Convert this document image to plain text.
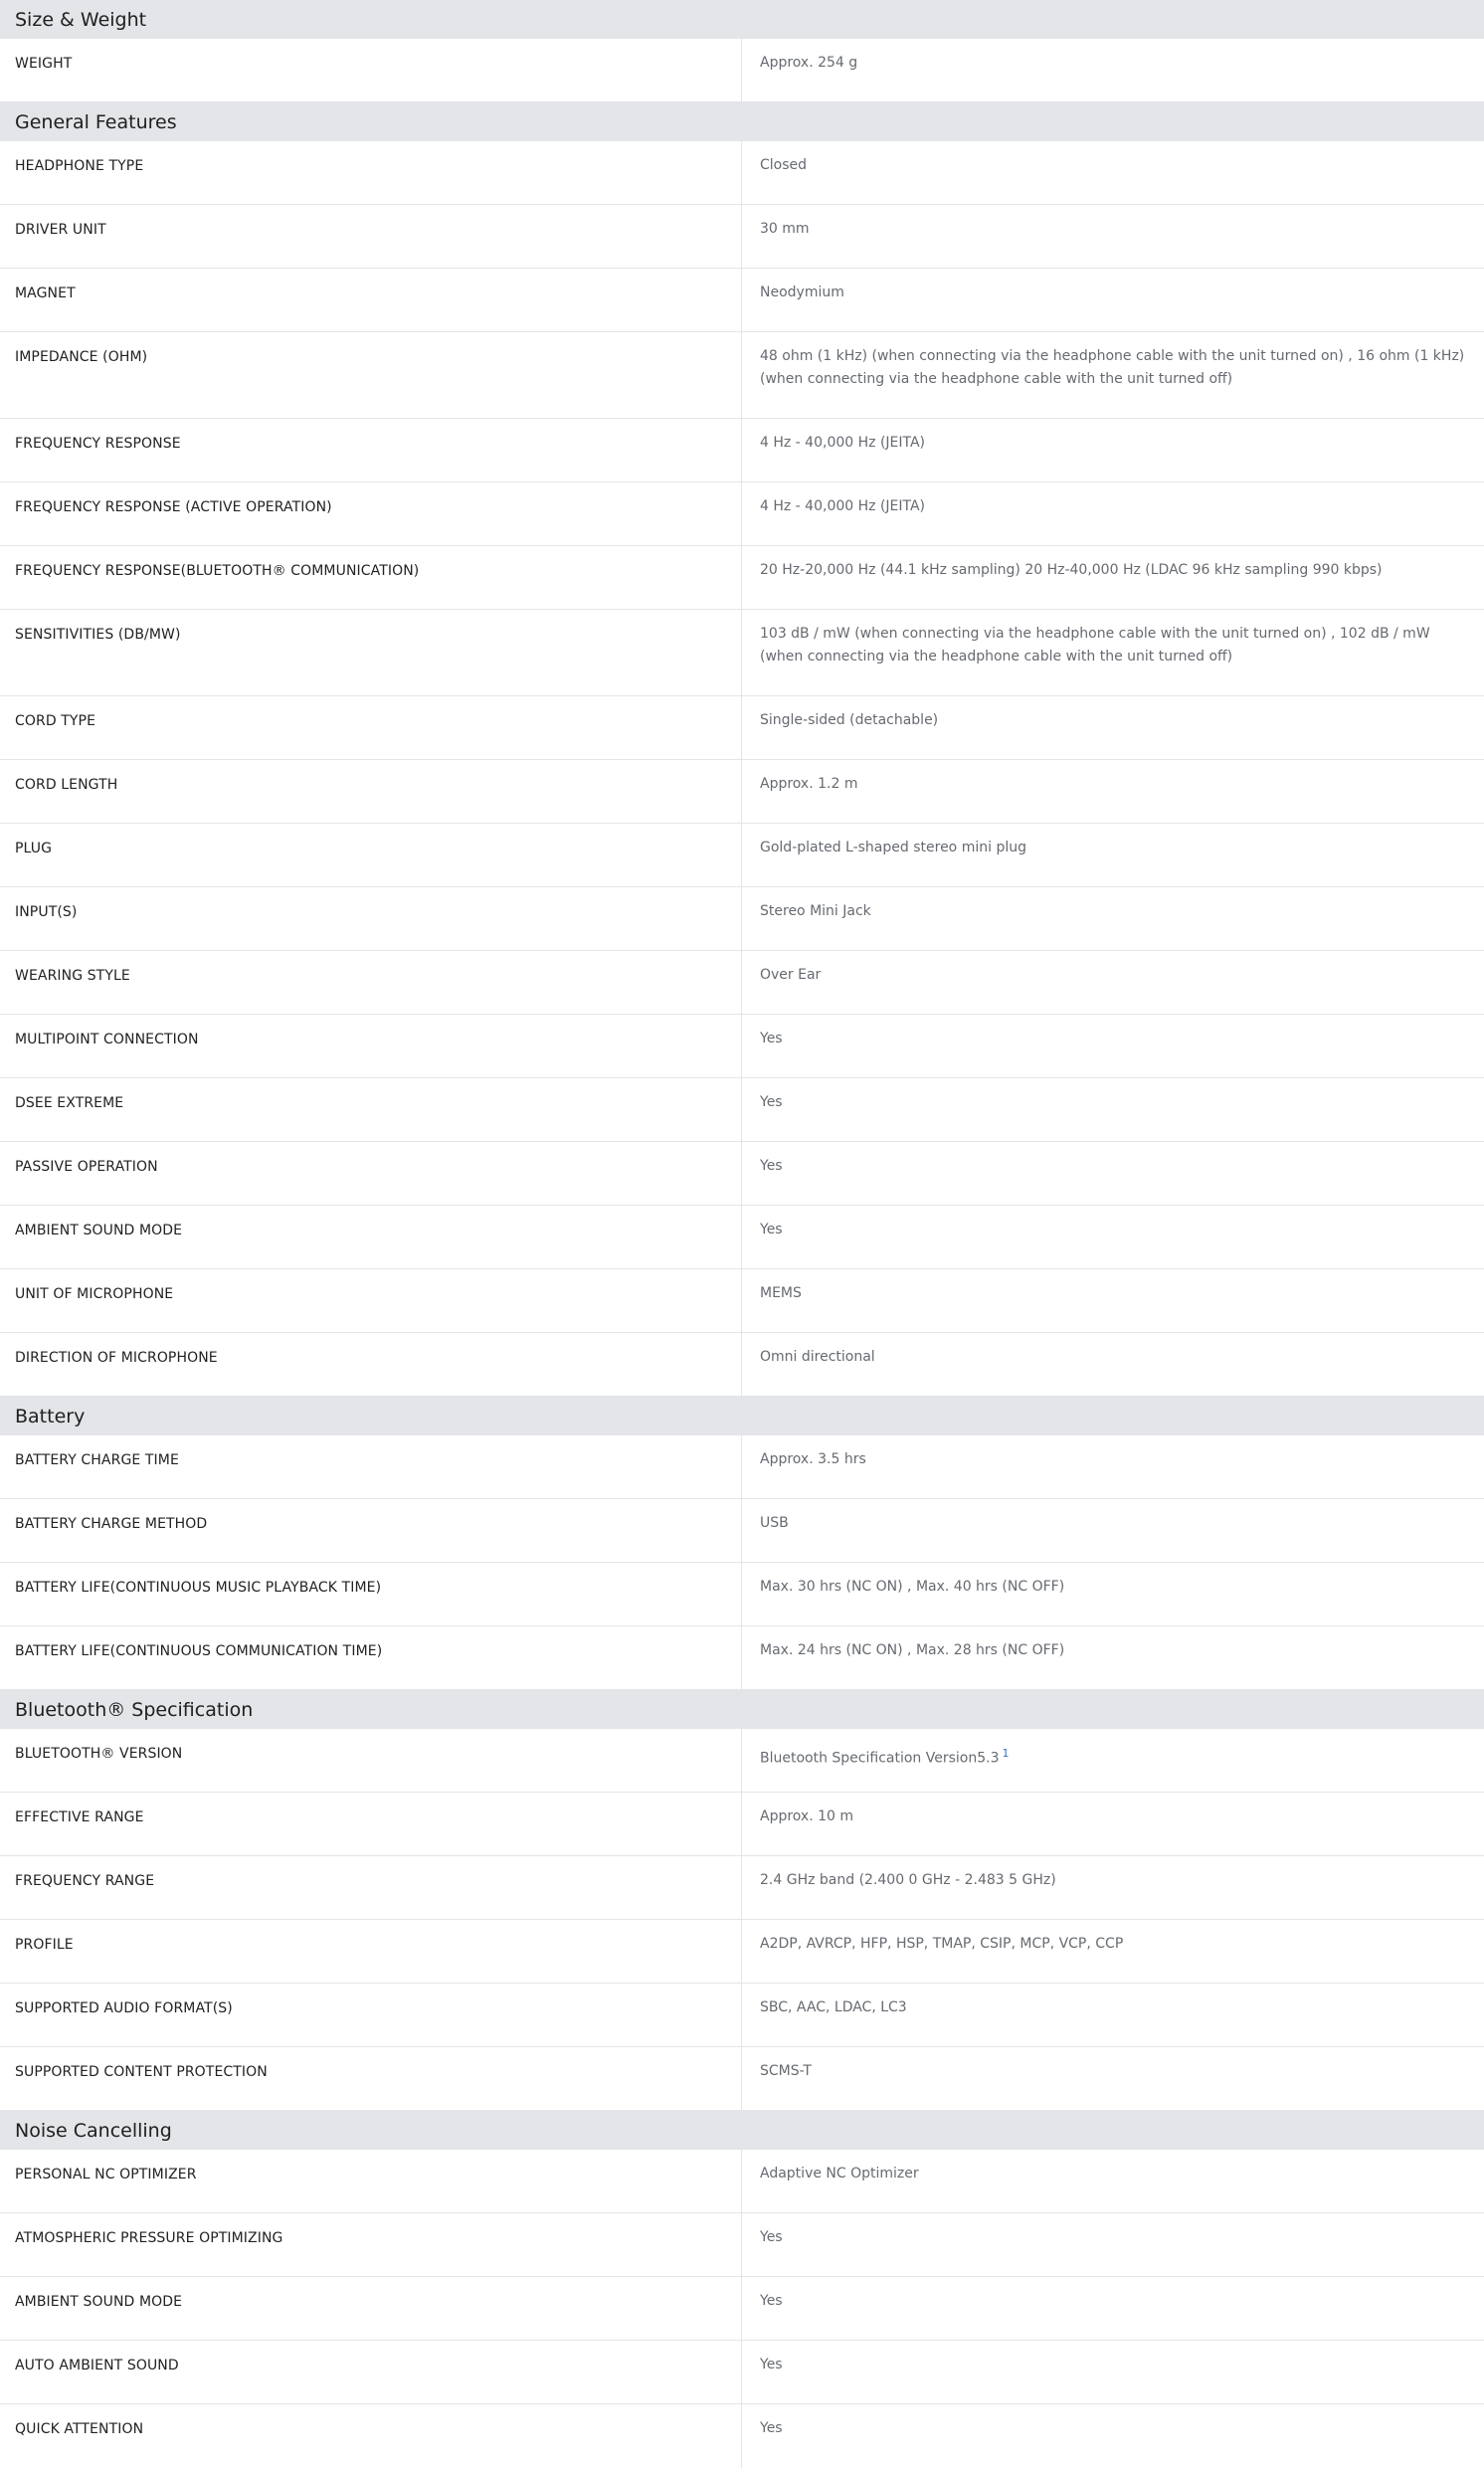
Size & Weight
WEIGHT	Approx. 254 g
General Features
HEADPHONE TYPE	Closed
DRIVER UNIT	30 mm
MAGNET	Neodymium
IMPEDANCE (OHM)	48 ohm (1 kHz) (when connecting via the headphone cable with the unit turned on) , 16 ohm (1 kHz) (when connecting via the headphone cable with the unit turned off)
FREQUENCY RESPONSE	4 Hz - 40,000 Hz (JEITA)
FREQUENCY RESPONSE (ACTIVE OPERATION)	4 Hz - 40,000 Hz (JEITA)
FREQUENCY RESPONSE(BLUETOOTH® COMMUNICATION)	20 Hz-20,000 Hz (44.1 kHz sampling) 20 Hz-40,000 Hz (LDAC 96 kHz sampling 990 kbps)
SENSITIVITIES (DB/MW)	103 dB / mW (when connecting via the headphone cable with the unit turned on) , 102 dB / mW (when connecting via the headphone cable with the unit turned off)
CORD TYPE	Single-sided (detachable)
CORD LENGTH	Approx. 1.2 m
PLUG	Gold-plated L-shaped stereo mini plug
INPUT(S)	Stereo Mini Jack
WEARING STYLE	Over Ear
MULTIPOINT CONNECTION	Yes
DSEE EXTREME	Yes
PASSIVE OPERATION	Yes
AMBIENT SOUND MODE	Yes
UNIT OF MICROPHONE	MEMS
DIRECTION OF MICROPHONE	Omni directional
Battery
BATTERY CHARGE TIME	Approx. 3.5 hrs
BATTERY CHARGE METHOD	USB
BATTERY LIFE(CONTINUOUS MUSIC PLAYBACK TIME)	Max. 30 hrs (NC ON) , Max. 40 hrs (NC OFF)
BATTERY LIFE(CONTINUOUS COMMUNICATION TIME)	Max. 24 hrs (NC ON) , Max. 28 hrs (NC OFF)
Bluetooth® Specification
BLUETOOTH® VERSION	Bluetooth Specification Version5.3 $^1$
EFFECTIVE RANGE	Approx. 10 m
FREQUENCY RANGE	2.4 GHz band (2.400 0 GHz - 2.483 5 GHz)
PROFILE	A2DP, AVRCP, HFP, HSP, TMAP, CSIP, MCP, VCP, CCP
SUPPORTED AUDIO FORMAT(S)	SBC, AAC, LDAC, LC3
SUPPORTED CONTENT PROTECTION	SCMS-T
Noise Cancelling
PERSONAL NC OPTIMIZER	Adaptive NC Optimizer
ATMOSPHERIC PRESSURE OPTIMIZING	Yes
AMBIENT SOUND MODE	Yes
AUTO AMBIENT SOUND	Yes
QUICK ATTENTION	Yes
